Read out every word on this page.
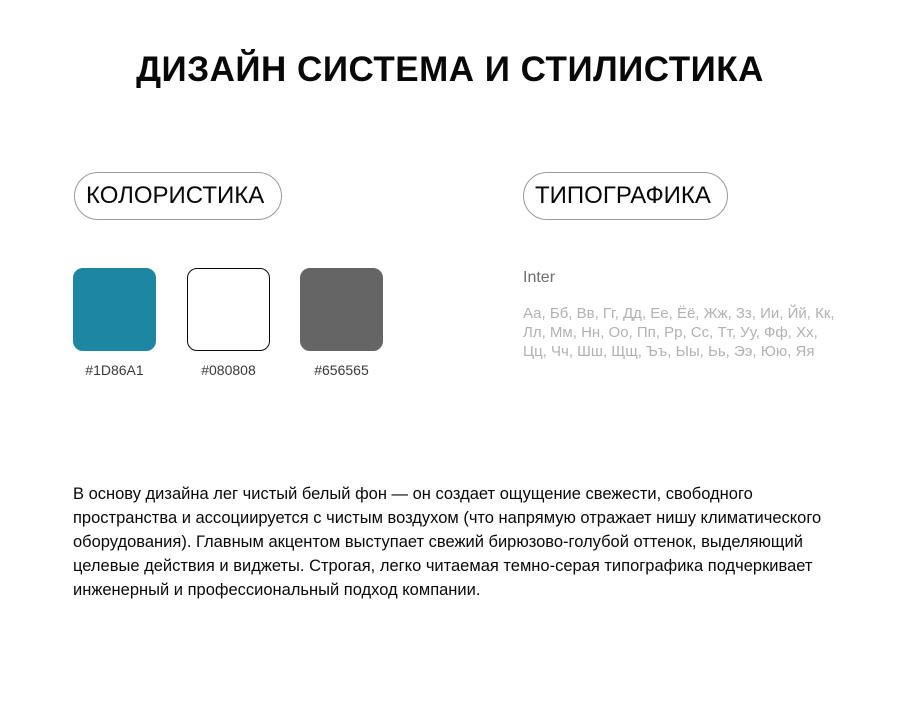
ДИЗАЙН СИСТЕМА И СТИЛИСТИКА
КОЛОРИСТИКА	ТИПОГРАФИКА
#1D86A1	#080808	#656565
Inter
Аа, Бб, Вв, Гг, Дд, Ее, Ёё, Жж, Зз, Ии, Йй, Кк, Лл, Мм, Нн, Оо, Пп, Рр, Сс, Тт, Уу, Фф, Хх, Цц, Чч, Шш, Щщ, Ъъ, Ыы, Ьь, Ээ, Юю, Яя
В основу дизайна лег чистый белый фон — он создает ощущение свежести, свободного пространства и ассоциируется с чистым воздухом (что напрямую отражает нишу климатического оборудования). Главным акцентом выступает свежий бирюзово-голубой оттенок, выделяющий целевые действия и виджеты. Строгая, легко читаемая темно-серая типографика подчеркивает инженерный и профессиональный подход компании.
